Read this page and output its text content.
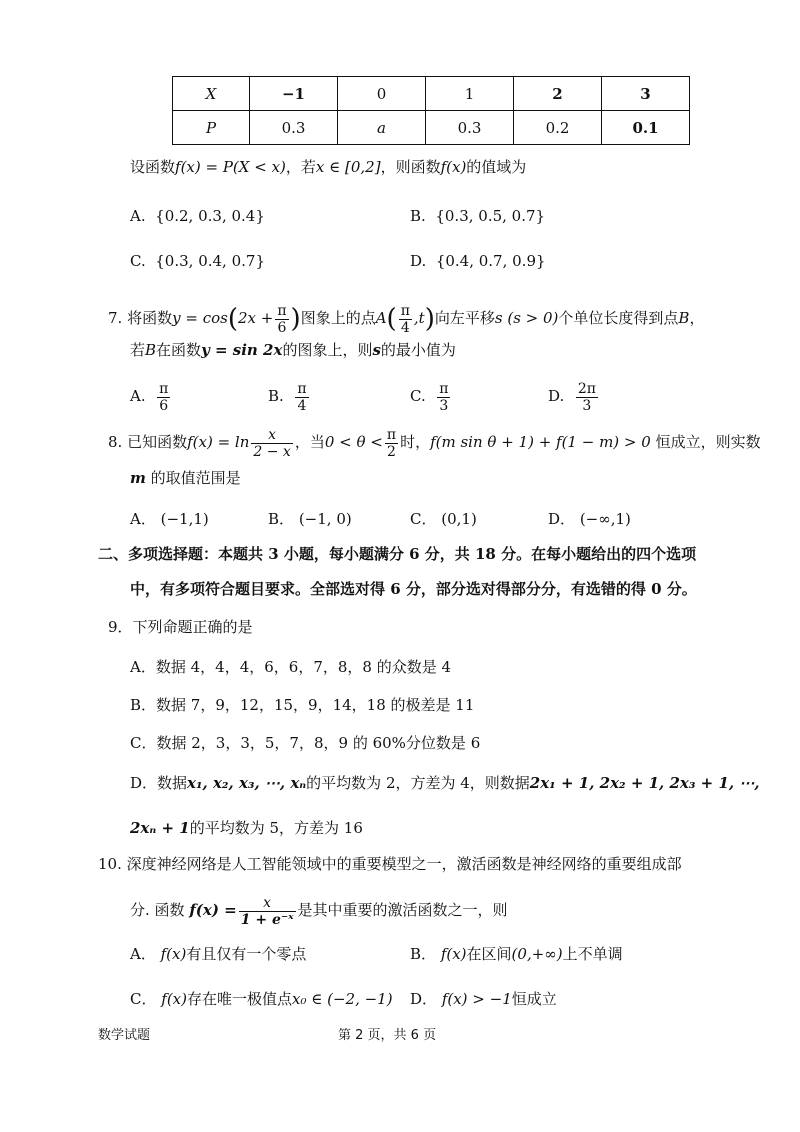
X	−1	0	1	2	3
P	0.3	a	0.3	0.2	0.1
设函数f(x) = P(X < x)，若x ∈ [0,2]，则函数f(x)的值域为
A. {0.2, 0.3, 0.4}	B. {0.3, 0.5, 0.7}
C. {0.3, 0.4, 0.7}	D. {0.4, 0.7, 0.9}
7. 将函数$y = \cos(2x + \frac{\pi}{6}$ )图象上的点$A( \frac{\pi}{4} ,t)$向左平移s (s > 0)个单位长度得到点B，
若B在函数y = sin 2x的图象上，则s的最小值为
A. $\frac{\pi}{6}$	B. $\frac{\pi}{4}$	C. $\frac{\pi}{3}$	D. $\frac{2\pi}{3}$
8. 已知函数$f(x) = \ln \frac{x}{2 - x}$ ，当$0 < \theta < \frac{\pi}{2}$ 时，f(m sin θ + 1) + f(1 − m) > 0 恒成立，则实数
m 的取值范围是
A． (−1,1)	B． (−1, 0)	C． (0,1)	D． (−∞,1)
二、多项选择题：本题共 3 小题，每小题满分 6 分，共 18 分。在每小题给出的四个选项
中，有多项符合题目要求。全部选对得 6 分，部分选对得部分分，有选错的得 0 分。
9．下列命题正确的是
A．数据 4，4，4，6，6，7，8，8 的众数是 4
B．数据 7，9，12，15，9，14，18 的极差是 11
C．数据 2，3，3，5，7，8，9 的 60%分位数是 6
D．数据x₁, x₂, x₃, ⋯, xₙ的平均数为 2，方差为 4，则数据2x₁ + 1, 2x₂ + 1, 2x₃ + 1, ⋯,
2xₙ + 1的平均数为 5，方差为 16
10. 深度神经网络是人工智能领域中的重要模型之一，激活函数是神经网络的重要组成部
分. 函数 $f(x) = \frac{x}{\text{1 + e⁻ˣ}}$ 是其中重要的激活函数之一，则
A． f(x)有且仅有一个零点	B． f(x)在区间(0,+∞)上不单调
C． f(x)存在唯一极值点x₀ ∈ (−2, −1) D． f(x) > −1恒成立
数学试题	第 2 页，共 6 页
